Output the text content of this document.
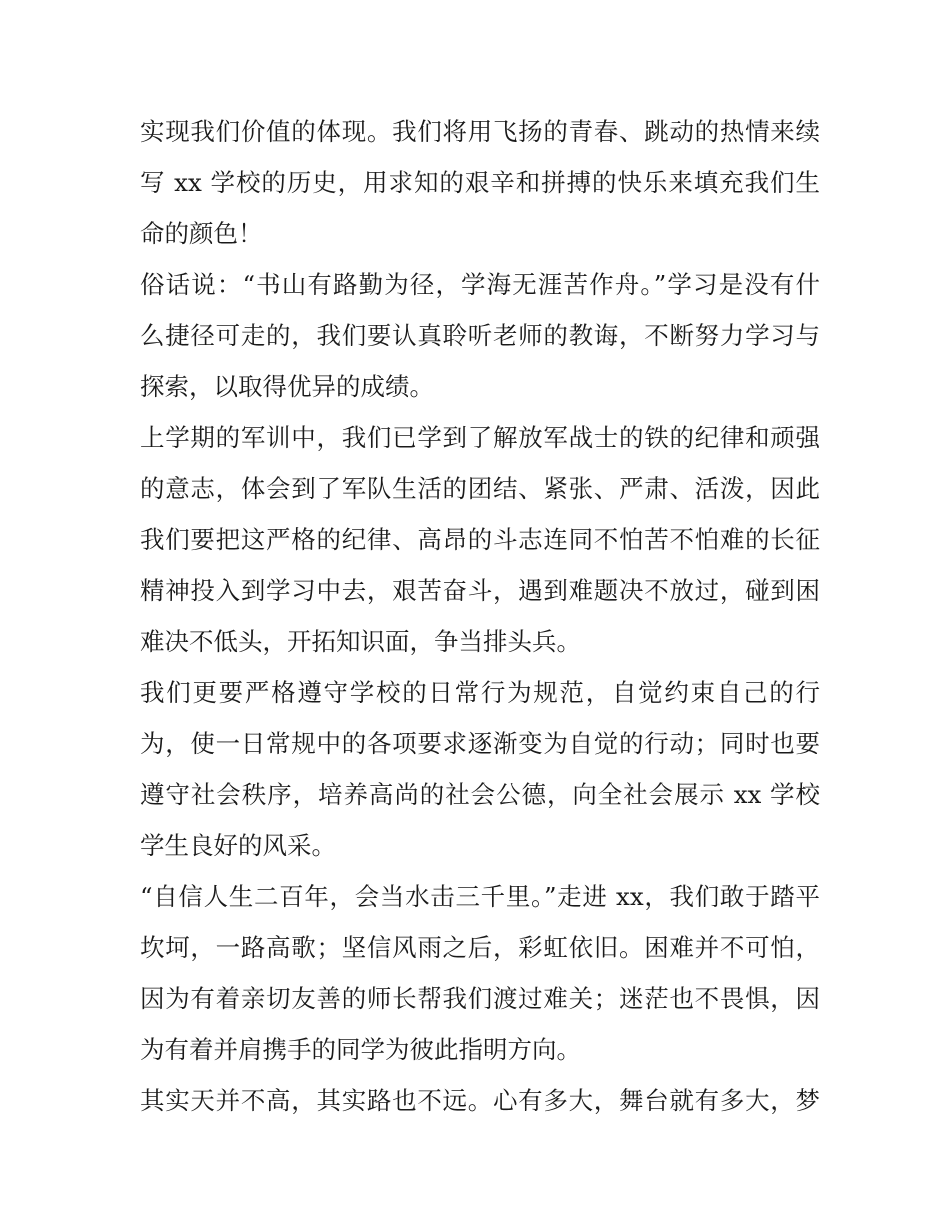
实现我们价值的体现。我们将用飞扬的青春、跳动的热情来续
写 xx 学校的历史，用求知的艰辛和拼搏的快乐来填充我们生
命的颜色！
俗话说：“书山有路勤为径，学海无涯苦作舟。”学习是没有什
么捷径可走的，我们要认真聆听老师的教诲，不断努力学习与
探索，以取得优异的成绩。
上学期的军训中，我们已学到了解放军战士的铁的纪律和顽强
的意志，体会到了军队生活的团结、紧张、严肃、活泼，因此
我们要把这严格的纪律、高昂的斗志连同不怕苦不怕难的长征
精神投入到学习中去，艰苦奋斗，遇到难题决不放过，碰到困
难决不低头，开拓知识面，争当排头兵。
我们更要严格遵守学校的日常行为规范，自觉约束自己的行
为，使一日常规中的各项要求逐渐变为自觉的行动；同时也要
遵守社会秩序，培养高尚的社会公德，向全社会展示 xx 学校
学生良好的风采。
“自信人生二百年，会当水击三千里。”走进 xx，我们敢于踏平
坎坷，一路高歌；坚信风雨之后，彩虹依旧。困难并不可怕，
因为有着亲切友善的师长帮我们渡过难关；迷茫也不畏惧，因
为有着并肩携手的同学为彼此指明方向。
其实天并不高，其实路也不远。心有多大，舞台就有多大，梦
